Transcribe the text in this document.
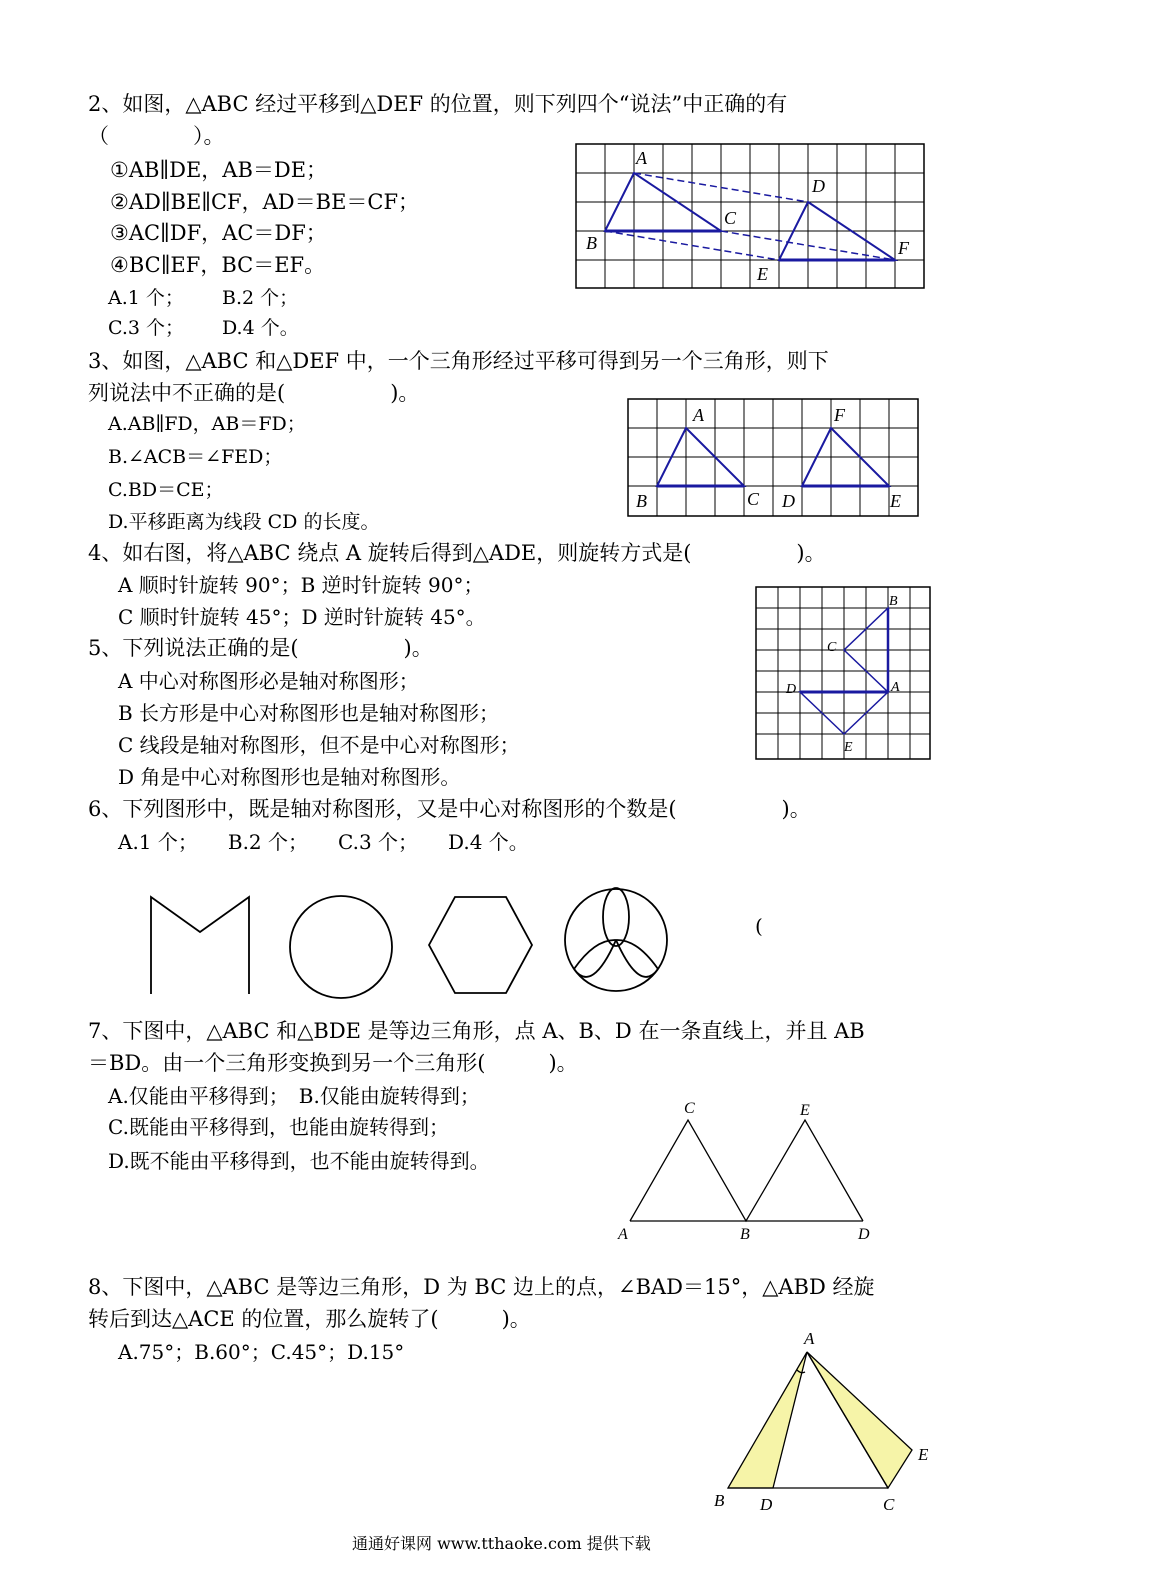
2、如图，△ABC 经过平移到△DEF 的位置，则下列四个“说法”中正确的有
（　　　　）。
①AB∥DE，AB＝DE；
②AD∥BE∥CF，AD＝BE＝CF；
③AC∥DF，AC＝DF；
④BC∥EF，BC＝EF。
A.1 个； B.2 个；
C.3 个； D.4 个。
A
B
C
D
E
F
3、如图，△ABC 和△DEF 中，一个三角形经过平移可得到另一个三角形，则下
列说法中不正确的是(　　　　　)。
A.AB∥FD，AB＝FD；
B.∠ACB＝∠FED；
C.BD＝CE；
D.平移距离为线段 CD 的长度。
A
B	C D	E
F
4、如右图，将△ABC 绕点 A 旋转后得到△ADE，则旋转方式是(　　　　　)。
A 顺时针旋转 90°；B 逆时针旋转 90°；
C 顺时针旋转 45°；D 逆时针旋转 45°。
B
C
A
D
E
5、下列说法正确的是(　　　　　)。
A 中心对称图形必是轴对称图形；
B 长方形是中心对称图形也是轴对称图形；
C 线段是轴对称图形，但不是中心对称图形；
D 角是中心对称图形也是轴对称图形。
6、下列图形中，既是轴对称图形，又是中心对称图形的个数是(　　　　　)。
A.1 个；　　B.2 个；　　C.3 个；　　D.4 个。
(
7、下图中，△ABC 和△BDE 是等边三角形，点 A、B、D 在一条直线上，并且 AB
＝BD。由一个三角形变换到另一个三角形(　　　)。
A.仅能由平移得到；　B.仅能由旋转得到；
C.既能由平移得到，也能由旋转得到；
D.既不能由平移得到，也不能由旋转得到。
C	E
A	B	D
8、下图中，△ABC 是等边三角形，D 为 BC 边上的点，∠BAD＝15°，△ABD 经旋
转后到达△ACE 的位置，那么旋转了(　　　)。
A.75°；B.60°；C.45°；D.15°
A
B D	C
E
通通好课网 www.tthaoke.com 提供下载
